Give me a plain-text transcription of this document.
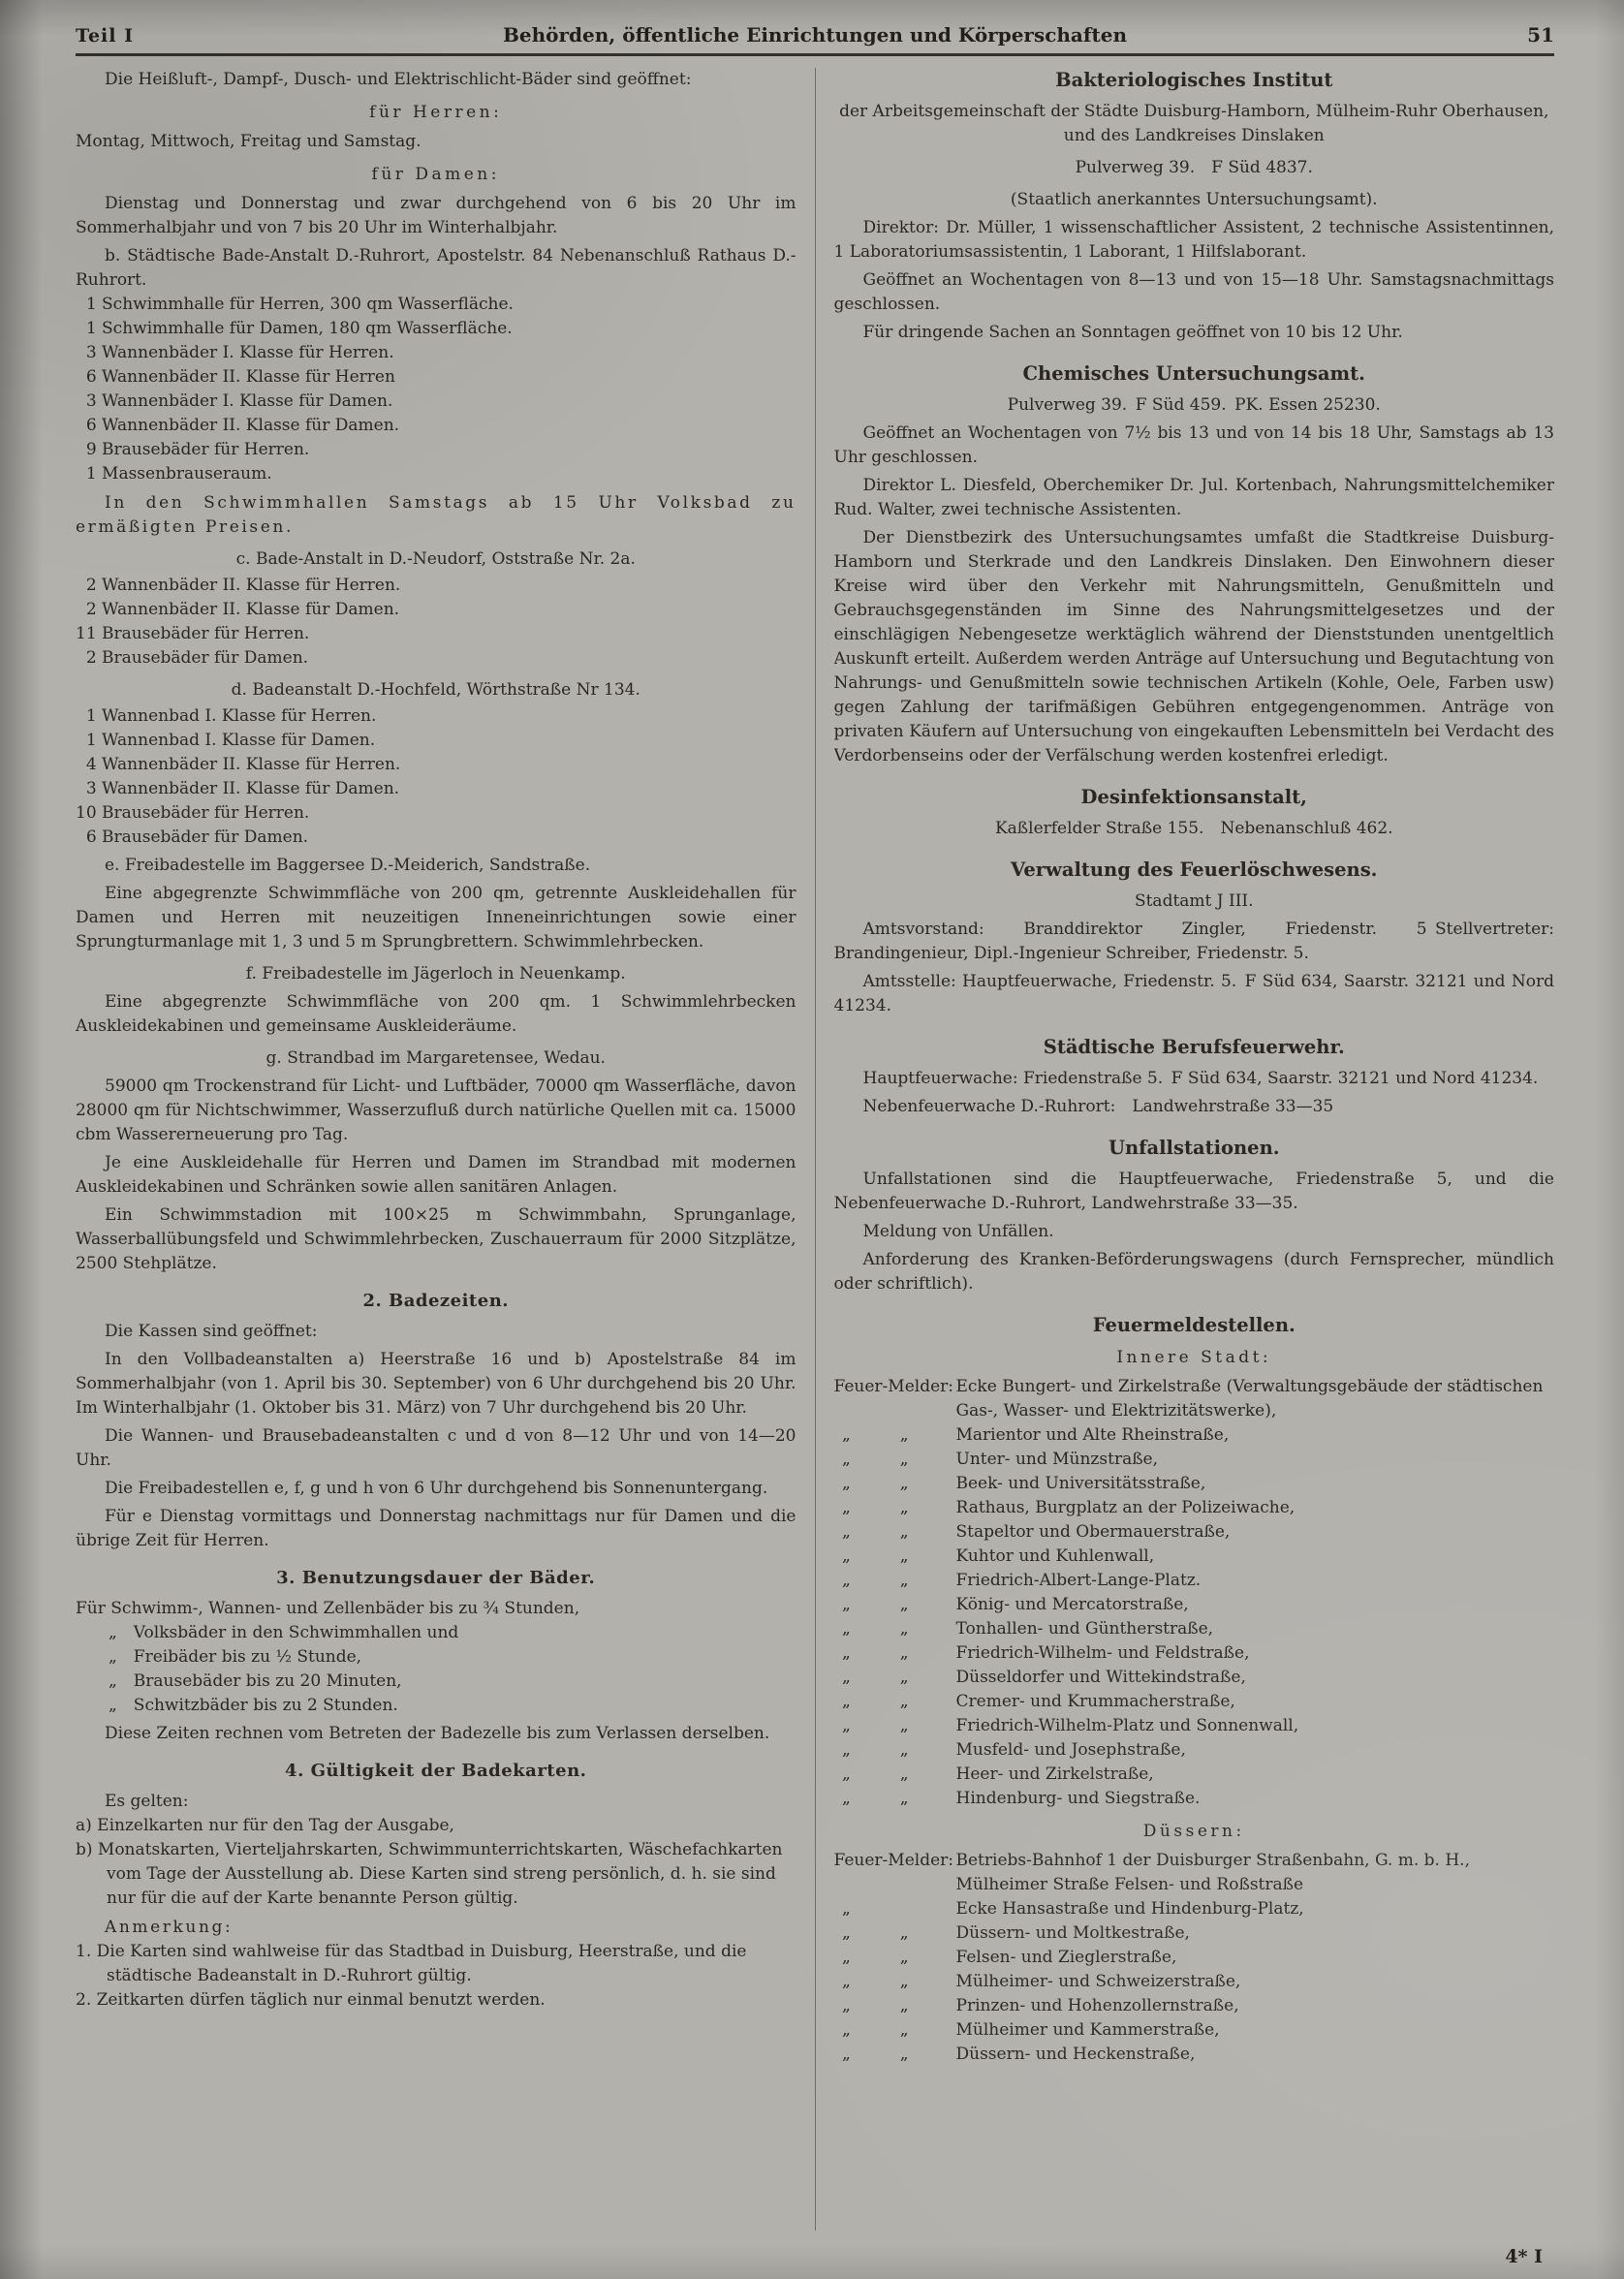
Teil I	Behörden, öffentliche Einrichtungen und Körperschaften	51
Die Heißluft-, Dampf-, Dusch- und Elektrischlicht-Bäder sind geöffnet:
für Herren:
Montag, Mittwoch, Freitag und Samstag.
für Damen:
Dienstag und Donnerstag und zwar durchgehend von 6 bis 20 Uhr im Sommerhalbjahr und von 7 bis 20 Uhr im Winterhalbjahr.
b. Städtische Bade-Anstalt D.-Ruhrort, Apostelstr. 84 Nebenanschluß Rathaus D.-Ruhrort.
 1 Schwimmhalle für Herren, 300 qm Wasserfläche.
 1 Schwimmhalle für Damen, 180 qm Wasserfläche.
 3 Wannenbäder I. Klasse für Herren.
 6 Wannenbäder II. Klasse für Herren
 3 Wannenbäder I. Klasse für Damen.
 6 Wannenbäder II. Klasse für Damen.
 9 Brausebäder für Herren.
 1 Massenbrauseraum.
In den Schwimmhallen Samstags ab 15 Uhr Volksbad zu ermäßigten Preisen.
c. Bade-Anstalt in D.-Neudorf, Oststraße Nr. 2a.
 2 Wannenbäder II. Klasse für Herren.
 2 Wannenbäder II. Klasse für Damen.
11 Brausebäder für Herren.
 2 Brausebäder für Damen.
d. Badeanstalt D.-Hochfeld, Wörthstraße Nr 134.
 1 Wannenbad I. Klasse für Herren.
 1 Wannenbad I. Klasse für Damen.
 4 Wannenbäder II. Klasse für Herren.
 3 Wannenbäder II. Klasse für Damen.
10 Brausebäder für Herren.
 6 Brausebäder für Damen.
e. Freibadestelle im Baggersee D.-Meiderich, Sandstraße.
Eine abgegrenzte Schwimmfläche von 200 qm, getrennte Auskleidehallen für Damen und Herren mit neuzeitigen Inneneinrichtungen sowie einer Sprungturmanlage mit 1, 3 und 5 m Sprungbrettern. Schwimmlehrbecken.
f. Freibadestelle im Jägerloch in Neuenkamp.
Eine abgegrenzte Schwimmfläche von 200 qm. 1 Schwimmlehrbecken Auskleidekabinen und gemeinsame Auskleideräume.
g. Strandbad im Margaretensee, Wedau.
59000 qm Trockenstrand für Licht- und Luftbäder, 70000 qm Wasserfläche, davon 28000 qm für Nichtschwimmer, Wasserzufluß durch natürliche Quellen mit ca. 15000 cbm Wassererneuerung pro Tag.
Je eine Auskleidehalle für Herren und Damen im Strandbad mit modernen Auskleidekabinen und Schränken sowie allen sanitären Anlagen.
Ein Schwimmstadion mit 100×25 m Schwimmbahn, Sprunganlage, Wasserballübungsfeld und Schwimmlehrbecken, Zuschauerraum für 2000 Sitzplätze, 2500 Stehplätze.
2. Badezeiten.
Die Kassen sind geöffnet:
In den Vollbadeanstalten a) Heerstraße 16 und b) Apostelstraße 84 im Sommerhalbjahr (von 1. April bis 30. September) von 6 Uhr durchgehend bis 20 Uhr. Im Winterhalbjahr (1. Oktober bis 31. März) von 7 Uhr durchgehend bis 20 Uhr.
Die Wannen- und Brausebadeanstalten c und d von 8—12 Uhr und von 14—20 Uhr.
Die Freibadestellen e, f, g und h von 6 Uhr durchgehend bis Sonnenuntergang.
Für e Dienstag vormittags und Donnerstag nachmittags nur für Damen und die übrige Zeit für Herren.
3. Benutzungsdauer der Bäder.
Für Schwimm-, Wannen- und Zellenbäder bis zu ¾ Stunden,
„ Volksbäder in den Schwimmhallen und
„ Freibäder bis zu ½ Stunde,
„ Brausebäder bis zu 20 Minuten,
„ Schwitzbäder bis zu 2 Stunden.
Diese Zeiten rechnen vom Betreten der Badezelle bis zum Verlassen derselben.
4. Gültigkeit der Badekarten.
Es gelten:
a) Einzelkarten nur für den Tag der Ausgabe,
b) Monatskarten, Vierteljahrskarten, Schwimmunterrichtskarten, Wäschefachkarten vom Tage der Ausstellung ab. Diese Karten sind streng persönlich, d. h. sie sind nur für die auf der Karte benannte Person gültig.
Anmerkung:
1. Die Karten sind wahlweise für das Stadtbad in Duisburg, Heerstraße, und die städtische Badeanstalt in D.-Ruhrort gültig.
2. Zeitkarten dürfen täglich nur einmal benutzt werden.
Bakteriologisches Institut
der Arbeitsgemeinschaft der Städte Duisburg-Hamborn, Mülheim-Ruhr Oberhausen, und des Landkreises Dinslaken
Pulverweg 39. F Süd 4837.
(Staatlich anerkanntes Untersuchungsamt).
Direktor: Dr. Müller, 1 wissenschaftlicher Assistent, 2 technische Assistentinnen, 1 Laboratoriumsassistentin, 1 Laborant, 1 Hilfslaborant.
Geöffnet an Wochentagen von 8—13 und von 15—18 Uhr. Samstagsnachmittags geschlossen.
Für dringende Sachen an Sonntagen geöffnet von 10 bis 12 Uhr.
Chemisches Untersuchungsamt.
Pulverweg 39. F Süd 459. PK. Essen 25230.
Geöffnet an Wochentagen von 7½ bis 13 und von 14 bis 18 Uhr, Samstags ab 13 Uhr geschlossen.
Direktor L. Diesfeld, Oberchemiker Dr. Jul. Kortenbach, Nahrungsmittelchemiker Rud. Walter, zwei technische Assistenten.
Der Dienstbezirk des Untersuchungsamtes umfaßt die Stadtkreise Duisburg-Hamborn und Sterkrade und den Landkreis Dinslaken. Den Einwohnern dieser Kreise wird über den Verkehr mit Nahrungsmitteln, Genußmitteln und Gebrauchsgegenständen im Sinne des Nahrungsmittelgesetzes und der einschlägigen Nebengesetze werktäglich während der Dienststunden unentgeltlich Auskunft erteilt. Außerdem werden Anträge auf Untersuchung und Begutachtung von Nahrungs- und Genußmitteln sowie technischen Artikeln (Kohle, Oele, Farben usw) gegen Zahlung der tarifmäßigen Gebühren entgegengenommen. Anträge von privaten Käufern auf Untersuchung von eingekauften Lebensmitteln bei Verdacht des Verdorbenseins oder der Verfälschung werden kostenfrei erledigt.
Desinfektionsanstalt,
Kaßlerfelder Straße 155. Nebenanschluß 462.
Verwaltung des Feuerlöschwesens.
Stadtamt J III.
Amtsvorstand: Branddirektor Zingler, Friedenstr. 5 Stellvertreter: Brandingenieur, Dipl.-Ingenieur Schreiber, Friedenstr. 5.
Amtsstelle: Hauptfeuerwache, Friedenstr. 5. F Süd 634, Saarstr. 32121 und Nord 41234.
Städtische Berufsfeuerwehr.
Hauptfeuerwache: Friedenstraße 5. F Süd 634, Saarstr. 32121 und Nord 41234.
Nebenfeuerwache D.-Ruhrort: Landwehrstraße 33—35
Unfallstationen.
Unfallstationen sind die Hauptfeuerwache, Friedenstraße 5, und die Nebenfeuerwache D.-Ruhrort, Landwehrstraße 33—35.
Meldung von Unfällen.
Anforderung des Kranken-Beförderungswagens (durch Fernsprecher, mündlich oder schriftlich).
Feuermeldestellen.
Innere Stadt:
Feuer-Melder: Ecke Bungert- und Zirkelstraße (Verwaltungsgebäude der städtischen Gas-, Wasser- und Elektrizitätswerke),
 „   „	Marientor und Alte Rheinstraße,
 „   „	Unter- und Münzstraße,
 „   „	Beek- und Universitätsstraße,
 „   „	Rathaus, Burgplatz an der Polizeiwache,
 „   „	Stapeltor und Obermauerstraße,
 „   „	Kuhtor und Kuhlenwall,
 „   „	Friedrich-Albert-Lange-Platz.
 „   „	König- und Mercatorstraße,
 „   „	Tonhallen- und Güntherstraße,
 „   „	Friedrich-Wilhelm- und Feldstraße,
 „   „	Düsseldorfer und Wittekindstraße,
 „   „	Cremer- und Krummacherstraße,
 „   „	Friedrich-Wilhelm-Platz und Sonnenwall,
 „   „	Musfeld- und Josephstraße,
 „   „	Heer- und Zirkelstraße,
 „   „	Hindenburg- und Siegstraße.
Düssern:
Feuer-Melder: Betriebs-Bahnhof 1 der Duisburger Straßenbahn, G. m. b. H., Mülheimer Straße Felsen- und Roßstraße
 „	Ecke Hansastraße und Hindenburg-Platz,
 „   „	Düssern- und Moltkestraße,
 „   „	Felsen- und Zieglerstraße,
 „   „	Mülheimer- und Schweizerstraße,
 „   „	Prinzen- und Hohenzollernstraße,
 „   „	Mülheimer und Kammerstraße,
 „   „	Düssern- und Heckenstraße,
4* I
